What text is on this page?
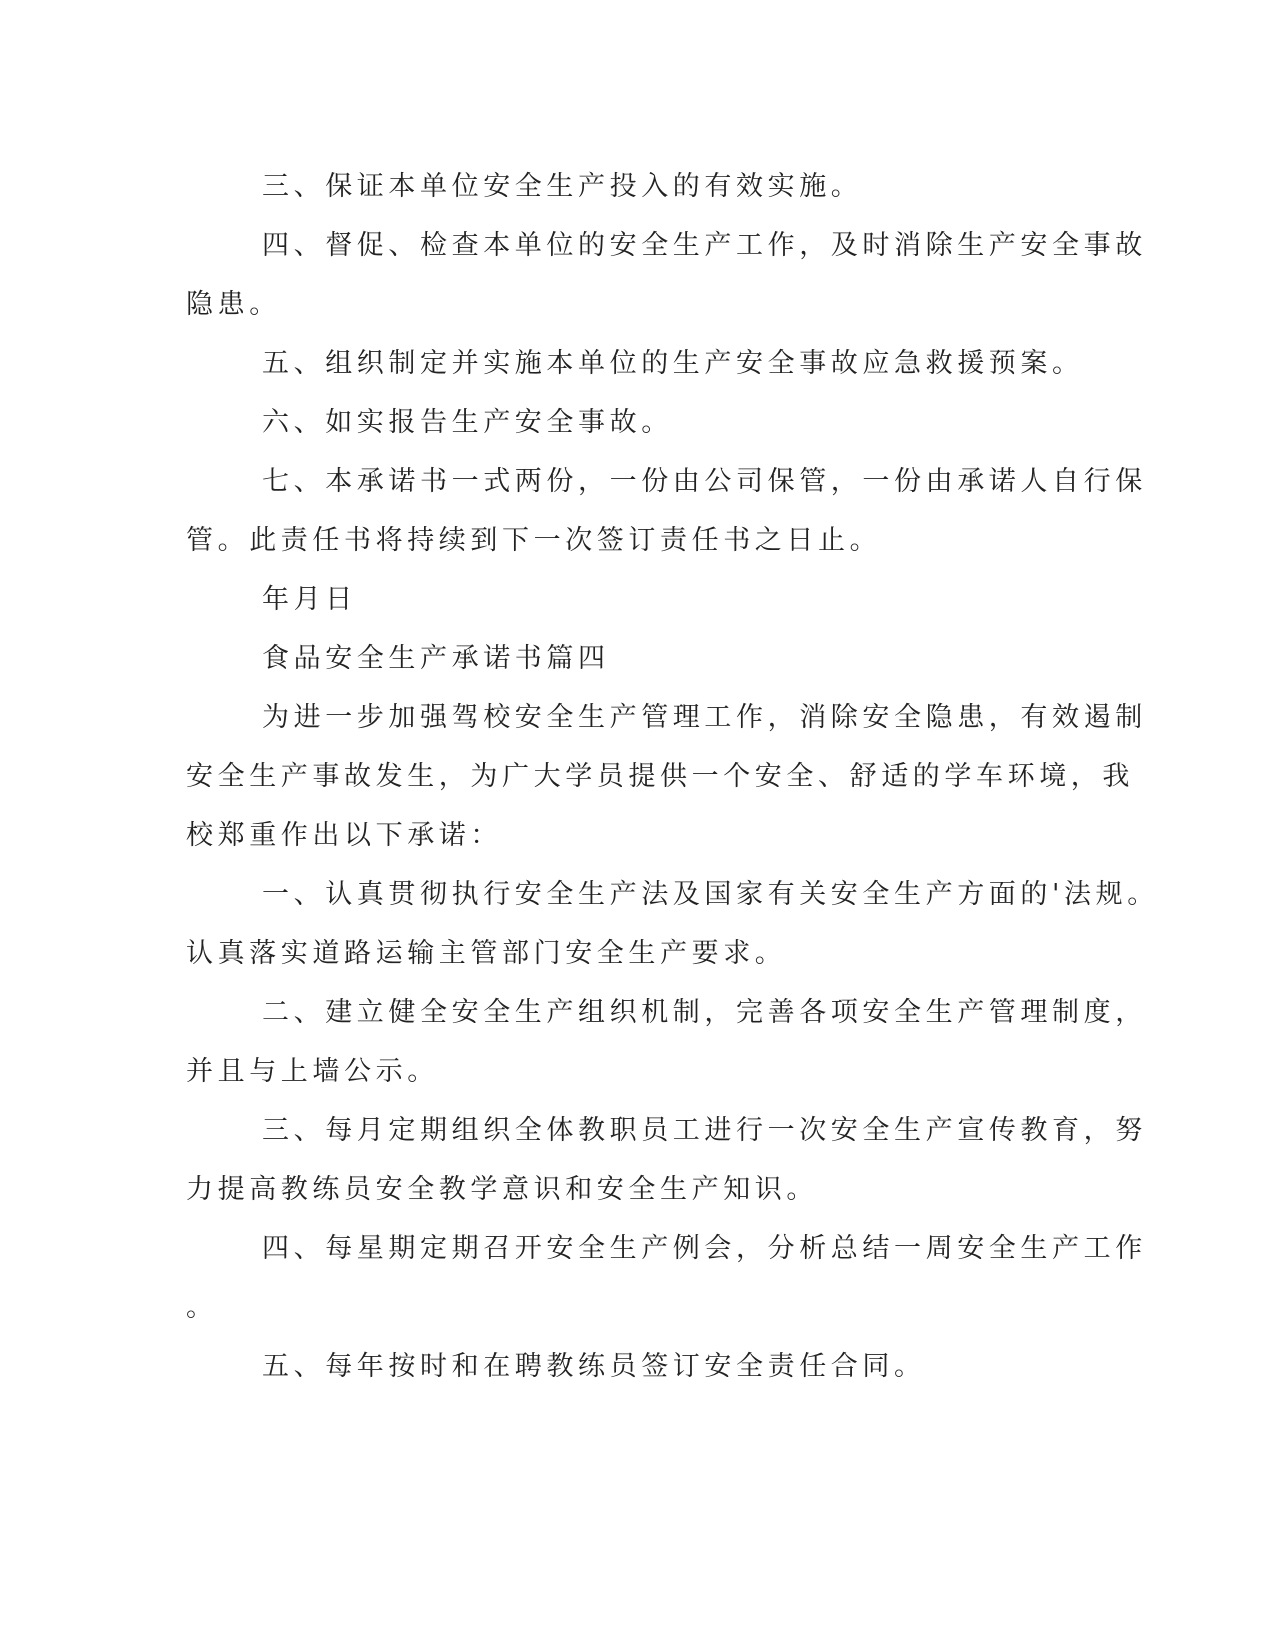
三、保证本单位安全生产投入的有效实施。

四、督促、检查本单位的安全生产工作，及时消除生产安全事故

隐患。

五、组织制定并实施本单位的生产安全事故应急救援预案。

六、如实报告生产安全事故。

七、本承诺书一式两份，一份由公司保管，一份由承诺人自行保

管。此责任书将持续到下一次签订责任书之日止。

年月日

食品安全生产承诺书篇四

为进一步加强驾校安全生产管理工作，消除安全隐患，有效遏制

安全生产事故发生，为广大学员提供一个安全、舒适的学车环境，我

校郑重作出以下承诺：

一、认真贯彻执行安全生产法及国家有关安全生产方面的'法规。

认真落实道路运输主管部门安全生产要求。

二、建立健全安全生产组织机制，完善各项安全生产管理制度，

并且与上墙公示。

三、每月定期组织全体教职员工进行一次安全生产宣传教育，努

力提高教练员安全教学意识和安全生产知识。

四、每星期定期召开安全生产例会，分析总结一周安全生产工作

。

五、每年按时和在聘教练员签订安全责任合同。
